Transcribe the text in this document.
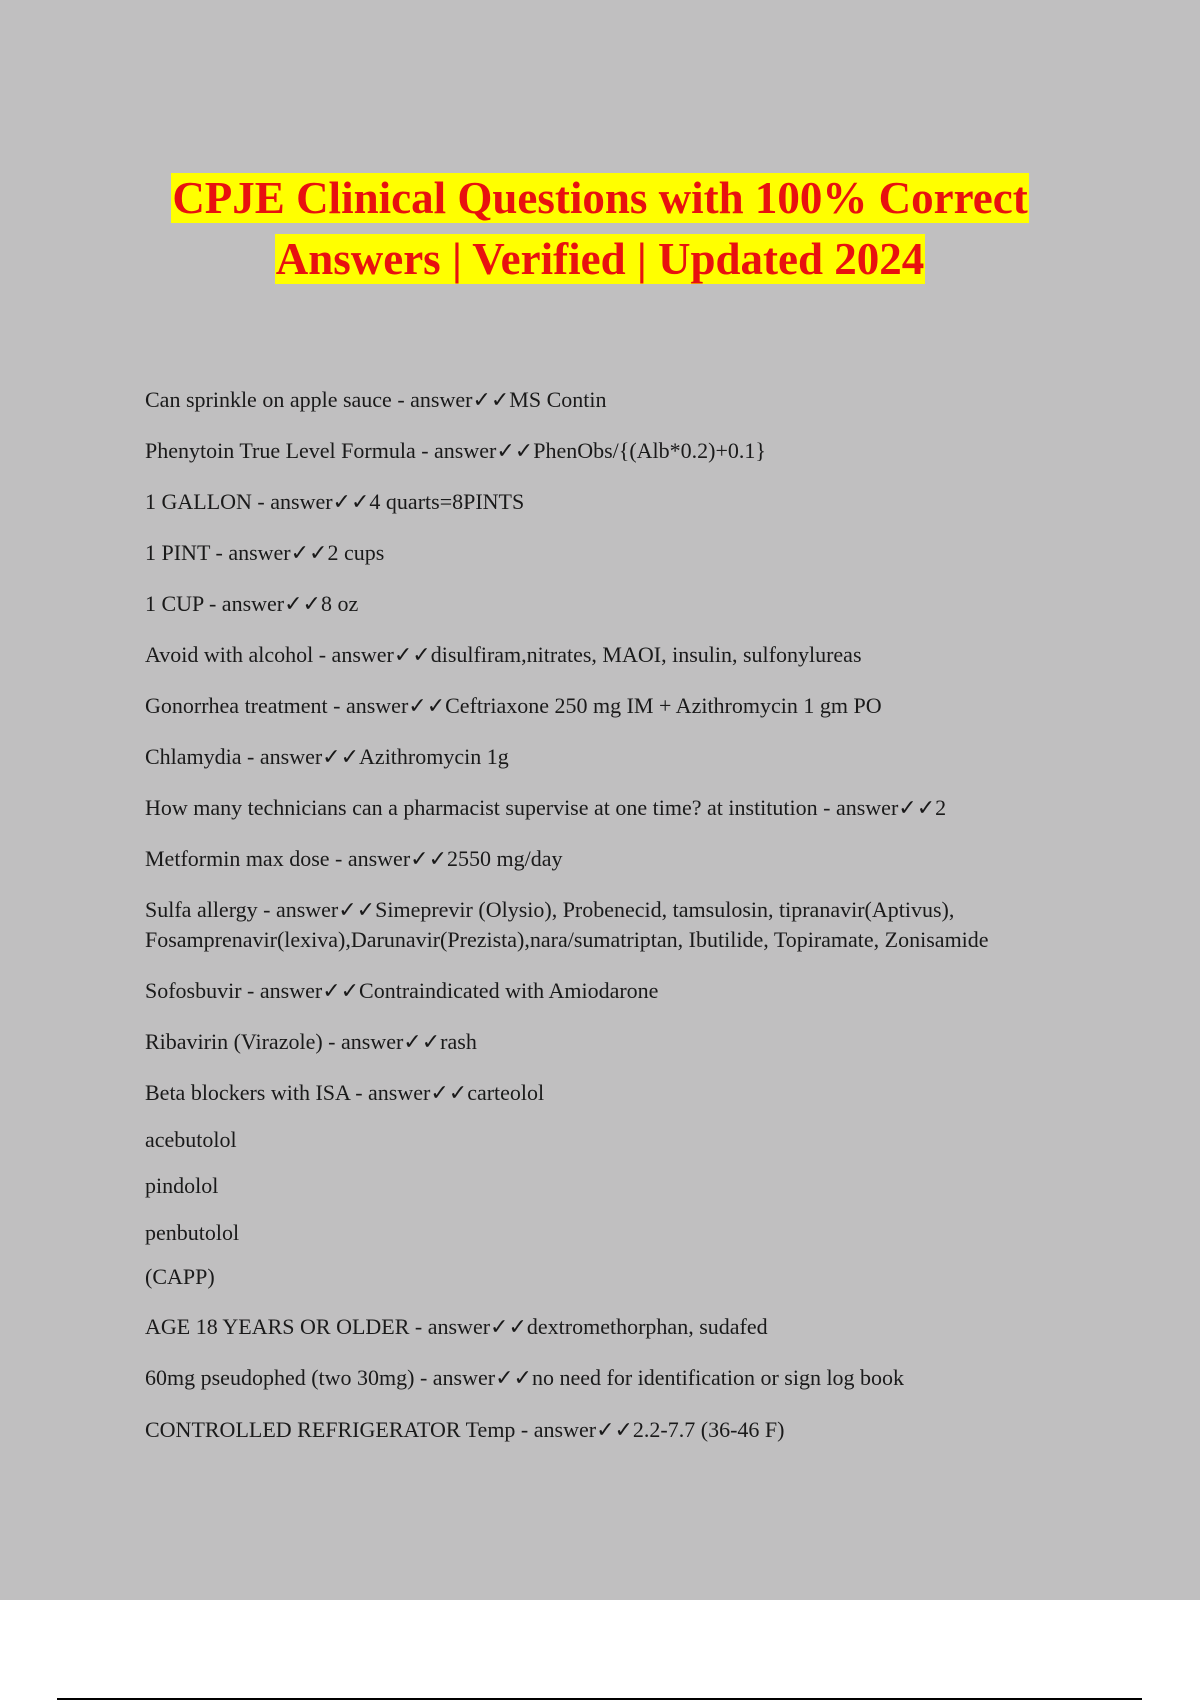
CPJE Clinical Questions with 100% Correct
Answers | Verified | Updated 2024
Can sprinkle on apple sauce - answer✓✓MS Contin
Phenytoin True Level Formula - answer✓✓PhenObs/{(Alb*0.2)+0.1}
1 GALLON - answer✓✓4 quarts=8PINTS
1 PINT - answer✓✓2 cups
1 CUP - answer✓✓8 oz
Avoid with alcohol - answer✓✓disulfiram,nitrates, MAOI, insulin, sulfonylureas
Gonorrhea treatment - answer✓✓Ceftriaxone 250 mg IM + Azithromycin 1 gm PO
Chlamydia - answer✓✓Azithromycin 1g
How many technicians can a pharmacist supervise at one time? at institution - answer✓✓2
Metformin max dose - answer✓✓2550 mg/day
Sulfa allergy - answer✓✓Simeprevir (Olysio), Probenecid, tamsulosin, tipranavir(Aptivus), Fosamprenavir(lexiva),Darunavir(Prezista),nara/sumatriptan, Ibutilide, Topiramate, Zonisamide
Sofosbuvir - answer✓✓Contraindicated with Amiodarone
Ribavirin (Virazole) - answer✓✓rash
Beta blockers with ISA - answer✓✓carteolol
acebutolol
pindolol
penbutolol
(CAPP)
AGE 18 YEARS OR OLDER - answer✓✓dextromethorphan, sudafed
60mg pseudophed (two 30mg) - answer✓✓no need for identification or sign log book
CONTROLLED REFRIGERATOR Temp - answer✓✓2.2-7.7 (36-46 F)
